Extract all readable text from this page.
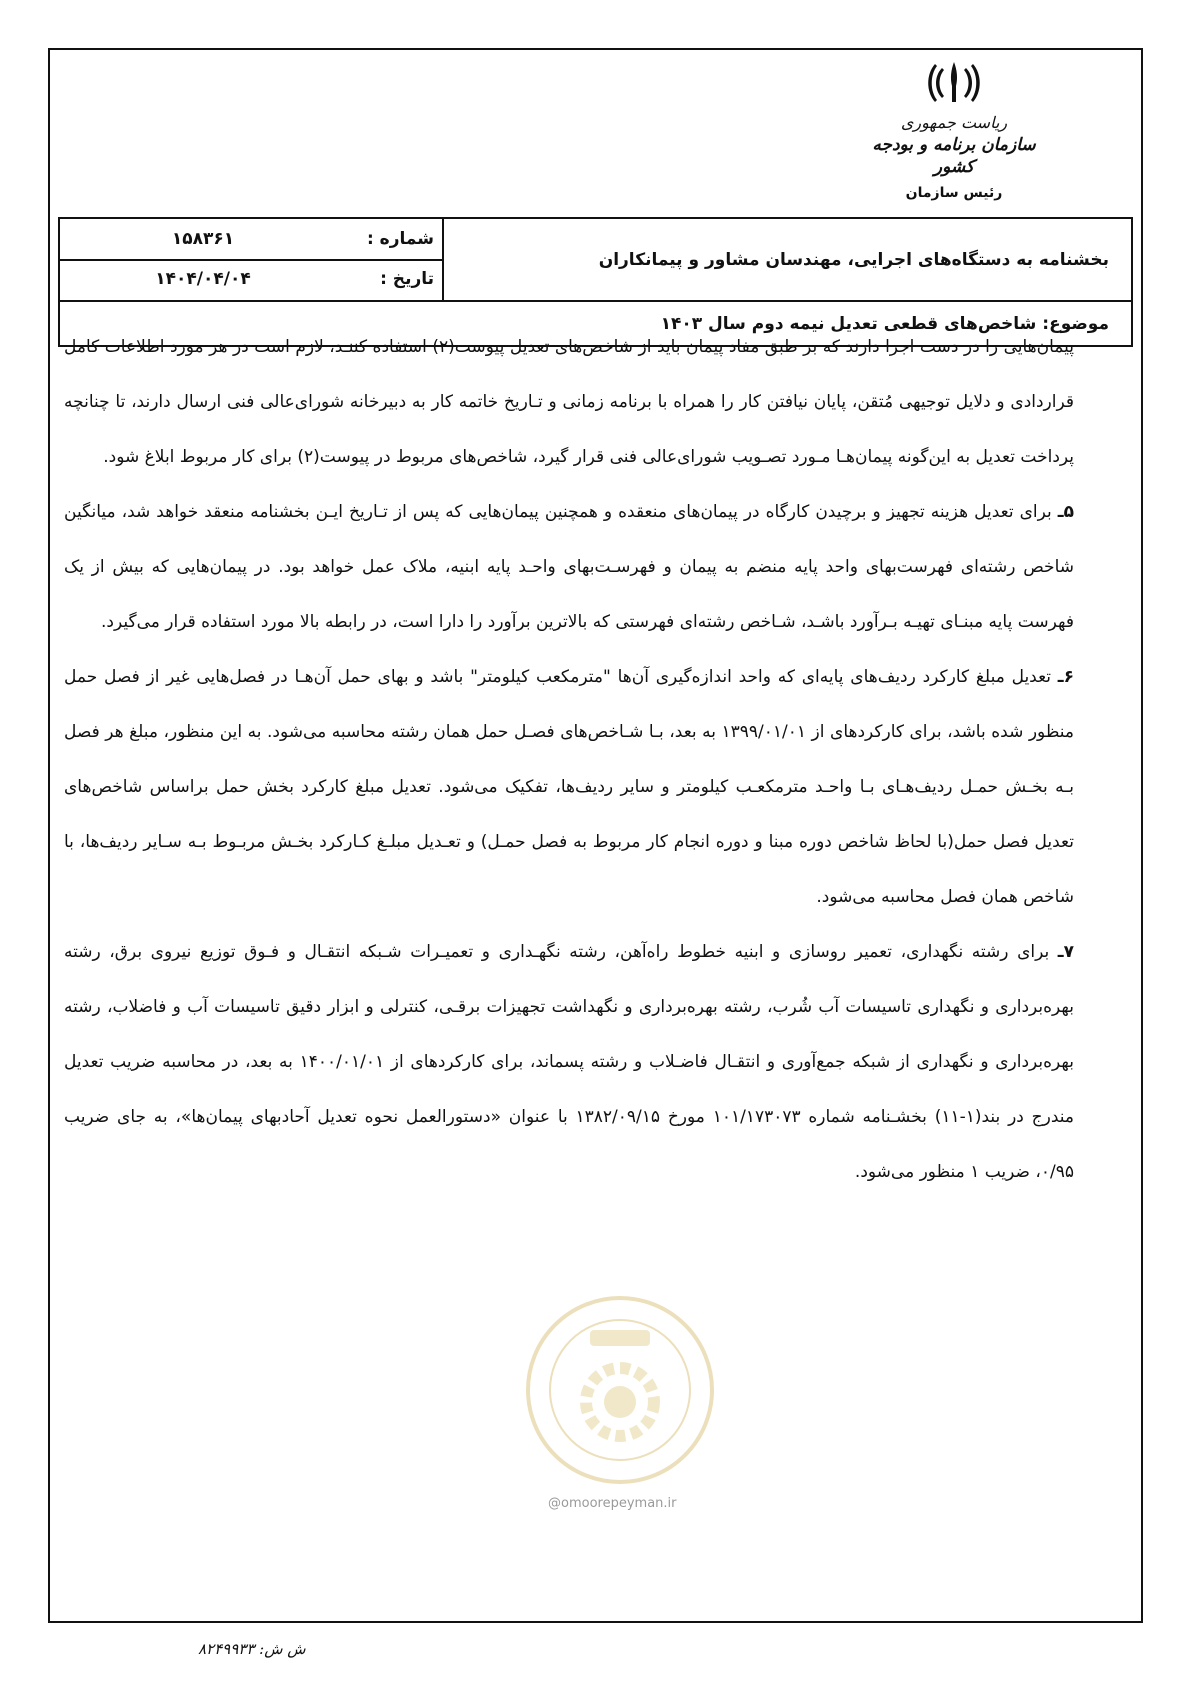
ریاست جمهوری
سازمان برنامه و بودجه کشور
رئیس سازمان
شماره :
۱۵۸۳۶۱
تاریخ :
۱۴۰۴/۰۴/۰۴
بخشنامه به دستگاه‌های اجرایی، مهندسان مشاور و پیمانکاران
موضوع: شاخص‌های قطعی تعدیل نیمه دوم سال ۱۴۰۳
@omoorepeyman.ir

پیمان‌هایی را در دست اجرا دارند که بر طبق مفاد پیمان باید از شاخص‌های تعدیل پیوست(۲) استفاده کننـد، لازم است در هر مورد اطلاعات کامل قراردادی و دلایل توجیهی مُتقن، پایان نیافتن کار را همراه با برنامه زمانی و تـاریخ خاتمه کار به دبیرخانه شورای‌عالی فنی ارسال دارند، تا چنانچه پرداخت تعدیل به این‌گونه پیمان‌هـا مـورد تصـویب شورای‌عالی فنی قرار گیرد، شاخص‌های مربوط در پیوست(۲) برای کار مربوط ابلاغ شود.

۵ـ برای تعدیل هزینه تجهیز و برچیدن کارگاه در پیمان‌های منعقده و همچنین پیمان‌هایی که پس از تـاریخ ایـن بخشنامه منعقد خواهد شد، میانگین شاخص رشته‌ای فهرست‌بهای واحد پایه منضم به پیمان و فهرسـت‌بهای واحـد پایه ابنیه، ملاک عمل خواهد بود. در پیمان‌هایی که بیش از یک فهرست پایه مبنـای تهیـه بـرآورد باشـد، شـاخص رشته‌ای فهرستی که بالاترین برآورد را دارا است، در رابطه بالا مورد استفاده قرار می‌گیرد.

۶ـ تعدیل مبلغ کارکرد ردیف‌های پایه‌ای که واحد اندازه‌گیری آن‌ها "مترمکعب کیلومتر" باشد و بهای حمل آن‌هـا در فصل‌هایی غیر از فصل حمل منظور شده باشد، برای کارکردهای از ۱۳۹۹/۰۱/۰۱ به بعد، بـا شـاخص‌های فصـل حمل همان رشته محاسبه می‌شود. به این منظور، مبلغ هر فصل بـه بخـش حمـل ردیف‌هـای بـا واحـد مترمکعـب کیلومتر و سایر ردیف‌ها، تفکیک می‌شود. تعدیل مبلغ کارکرد بخش حمل براساس شاخص‌های تعدیل فصل حمل(با لحاظ شاخص دوره مبنا و دوره انجام کار مربوط به فصل حمـل) و تعـدیل مبلـغ کـارکرد بخـش مربـوط بـه سـایر ردیف‌ها، با شاخص همان فصل محاسبه می‌شود.

۷ـ برای رشته نگهداری، تعمیر روسازی و ابنیه خطوط راه‌آهن، رشته نگهـداری و تعمیـرات شـبکه انتقـال و فـوق توزیع نیروی برق، رشته بهره‌برداری و نگهداری تاسیسات آب شُرب، رشته بهره‌برداری و نگهداشت تجهیزات برقـی، کنترلی و ابزار دقیق تاسیسات آب و فاضلاب، رشته بهره‌برداری و نگهداری از شبکه جمع‌آوری و انتقـال فاضـلاب و رشته پسماند، برای کارکردهای از ۱۴۰۰/۰۱/۰۱ به بعد، در محاسبه ضریب تعدیل مندرج در بند(۱-۱۱) بخشـنامه شماره ۱۰۱/۱۷۳۰۷۳ مورخ ۱۳۸۲/۰۹/۱۵ با عنوان «دستورالعمل نحوه تعدیل آحادبهای پیمان‌ها»، به جای ضریب ۰/۹۵، ضریب ۱ منظور می‌شود.

ش ش: ۸۲۴۹۹۳۳
